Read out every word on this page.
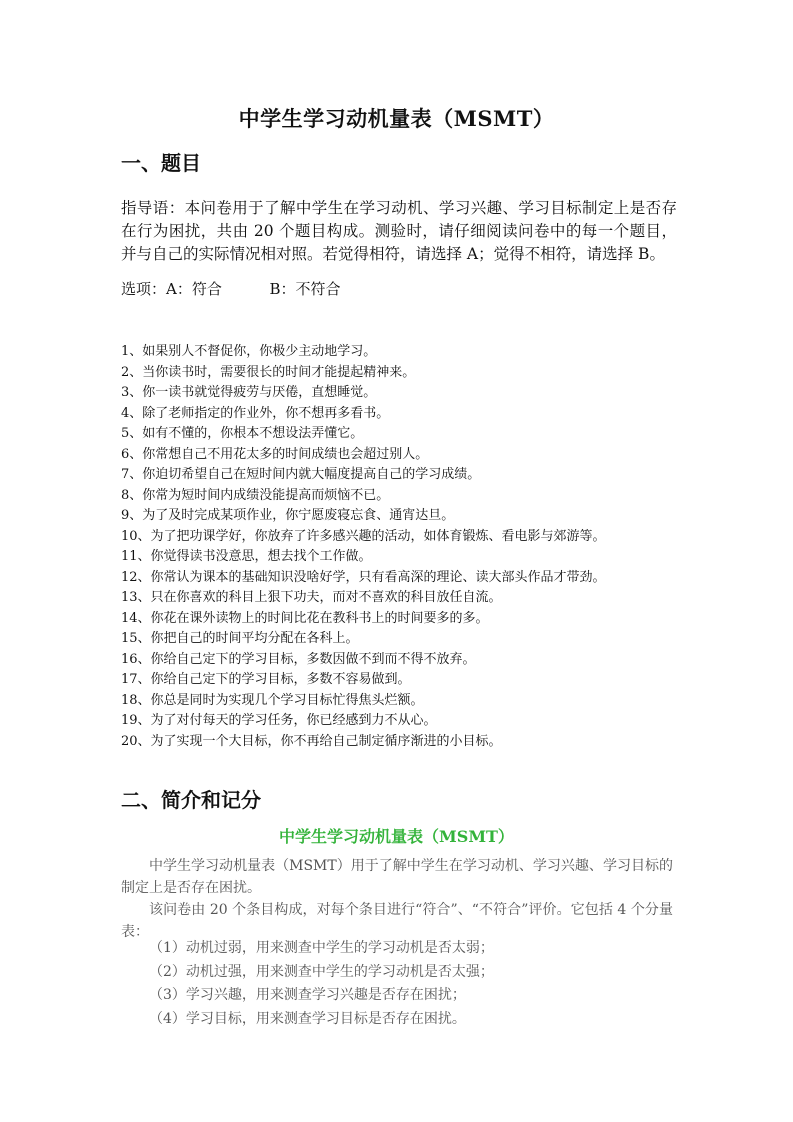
中学生学习动机量表（MSMT）
一、题目
指导语：本问卷用于了解中学生在学习动机、学习兴趣、学习目标制定上是否存在行为困扰，共由 20 个题目构成。测验时，请仔细阅读问卷中的每一个题目，并与自己的实际情况相对照。若觉得相符，请选择 A；觉得不相符，请选择 B。
选项：A：符合          B：不符合
1、如果别人不督促你，你极少主动地学习。
2、当你读书时，需要很长的时间才能提起精神来。
3、你一读书就觉得疲劳与厌倦，直想睡觉。
4、除了老师指定的作业外，你不想再多看书。
5、如有不懂的，你根本不想设法弄懂它。
6、你常想自己不用花太多的时间成绩也会超过别人。
7、你迫切希望自己在短时间内就大幅度提高自己的学习成绩。
8、你常为短时间内成绩没能提高而烦恼不已。
9、为了及时完成某项作业，你宁愿废寝忘食、通宵达旦。
10、为了把功课学好，你放弃了许多感兴趣的活动，如体育锻炼、看电影与郊游等。
11、你觉得读书没意思，想去找个工作做。
12、你常认为课本的基础知识没啥好学，只有看高深的理论、读大部头作品才带劲。
13、只在你喜欢的科目上狠下功夫，而对不喜欢的科目放任自流。
14、你花在课外读物上的时间比花在教科书上的时间要多的多。
15、你把自己的时间平均分配在各科上。
16、你给自己定下的学习目标，多数因做不到而不得不放弃。
17、你给自己定下的学习目标，多数不容易做到。
18、你总是同时为实现几个学习目标忙得焦头烂额。
19、为了对付每天的学习任务，你已经感到力不从心。
20、为了实现一个大目标，你不再给自己制定循序渐进的小目标。
二、简介和记分
中学生学习动机量表（MSMT）
中学生学习动机量表（MSMT）用于了解中学生在学习动机、学习兴趣、学习目标的制定上是否存在困扰。
该问卷由 20 个条目构成，对每个条目进行“符合”、“不符合”评价。它包括 4 个分量表：
（1）动机过弱，用来测查中学生的学习动机是否太弱；
（2）动机过强，用来测查中学生的学习动机是否太强；
（3）学习兴趣，用来测查学习兴趣是否存在困扰；
（4）学习目标，用来测查学习目标是否存在困扰。
